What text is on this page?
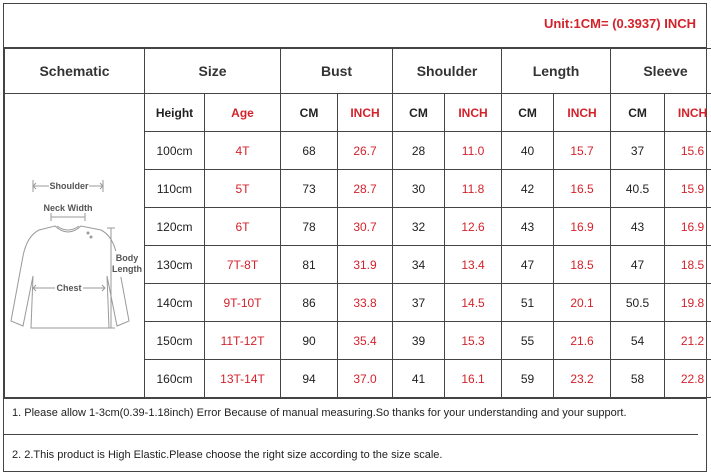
Unit:1CM= (0.3937) INCH
Schematic	Size		Bust		Shoulder		Length		Sleeve	

Shoulder
Neck Width
Body
Length
Chest	Height	Age	CM	INCH	CM	INCH	CM	INCH	CM	INCH
	100cm	4T	68	26.7	28	11.0	40	15.7	37	15.6
	110cm	5T	73	28.7	30	11.8	42	16.5	40.5	15.9
	120cm	6T	78	30.7	32	12.6	43	16.9	43	16.9
	130cm	7T-8T	81	31.9	34	13.4	47	18.5	47	18.5
	140cm	9T-10T	86	33.8	37	14.5	51	20.1	50.5	19.8
	150cm	11T-12T	90	35.4	39	15.3	55	21.6	54	21.2
	160cm	13T-14T	94	37.0	41	16.1	59	23.2	58	22.8
1. Please allow 1-3cm(0.39-1.18inch) Error Because of manual measuring.So thanks for your understanding and your support.
2. 2.This product is High Elastic.Please choose the right size according to the size scale.
